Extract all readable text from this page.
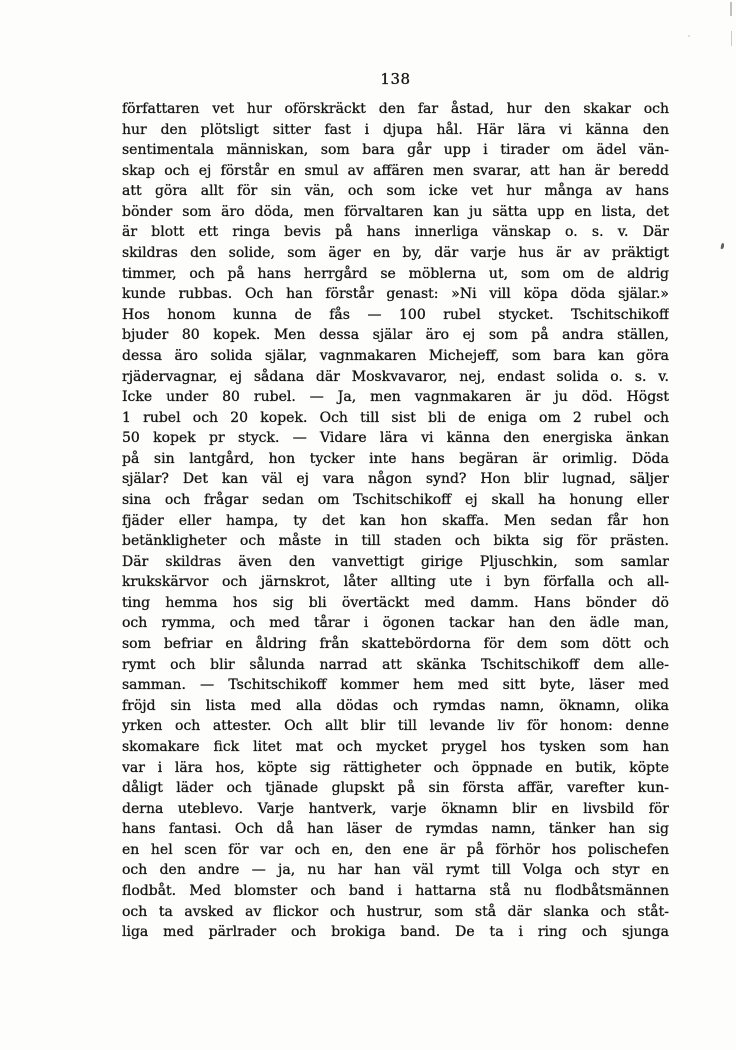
138
författaren vet hur oförskräckt den far åstad, hur den skakar och
hur den plötsligt sitter fast i djupa hål. Här lära vi känna den
sentimentala människan, som bara går upp i tirader om ädel vän-
skap och ej förstår en smul av affären men svarar, att han är beredd
att göra allt för sin vän, och som icke vet hur många av hans
bönder som äro döda, men förvaltaren kan ju sätta upp en lista, det
är blott ett ringa bevis på hans innerliga vänskap o. s. v. Där
skildras den solide, som äger en by, där varje hus är av präktigt
timmer, och på hans herrgård se möblerna ut, som om de aldrig
kunde rubbas. Och han förstår genast: »Ni vill köpa döda själar.»
Hos honom kunna de fås — 100 rubel stycket. Tschitschikoff
bjuder 80 kopek. Men dessa själar äro ej som på andra ställen,
dessa äro solida själar, vagnmakaren Michejeff, som bara kan göra
rjädervagnar, ej sådana där Moskvavaror, nej, endast solida o. s. v.
Icke under 80 rubel. — Ja, men vagnmakaren är ju död. Högst
1 rubel och 20 kopek. Och till sist bli de eniga om 2 rubel och
50 kopek pr styck. — Vidare lära vi känna den energiska änkan
på sin lantgård, hon tycker inte hans begäran är orimlig. Döda
själar? Det kan väl ej vara någon synd? Hon blir lugnad, säljer
sina och frågar sedan om Tschitschikoff ej skall ha honung eller
fjäder eller hampa, ty det kan hon skaffa. Men sedan får hon
betänkligheter och måste in till staden och bikta sig för prästen.
Där skildras även den vanvettigt girige Pljuschkin, som samlar
krukskärvor och järnskrot, låter allting ute i byn förfalla och all-
ting hemma hos sig bli övertäckt med damm. Hans bönder dö
och rymma, och med tårar i ögonen tackar han den ädle man,
som befriar en åldring från skattebördorna för dem som dött och
rymt och blir sålunda narrad att skänka Tschitschikoff dem alle-
samman. — Tschitschikoff kommer hem med sitt byte, läser med
fröjd sin lista med alla dödas och rymdas namn, öknamn, olika
yrken och attester. Och allt blir till levande liv för honom: denne
skomakare fick litet mat och mycket prygel hos tysken som han
var i lära hos, köpte sig rättigheter och öppnade en butik, köpte
dåligt läder och tjänade glupskt på sin första affär, varefter kun-
derna uteblevo. Varje hantverk, varje öknamn blir en livsbild för
hans fantasi. Och då han läser de rymdas namn, tänker han sig
en hel scen för var och en, den ene är på förhör hos polischefen
och den andre — ja, nu har han väl rymt till Volga och styr en
flodbåt. Med blomster och band i hattarna stå nu flodbåtsmännen
och ta avsked av flickor och hustrur, som stå där slanka och ståt-
liga med pärlrader och brokiga band. De ta i ring och sjunga
